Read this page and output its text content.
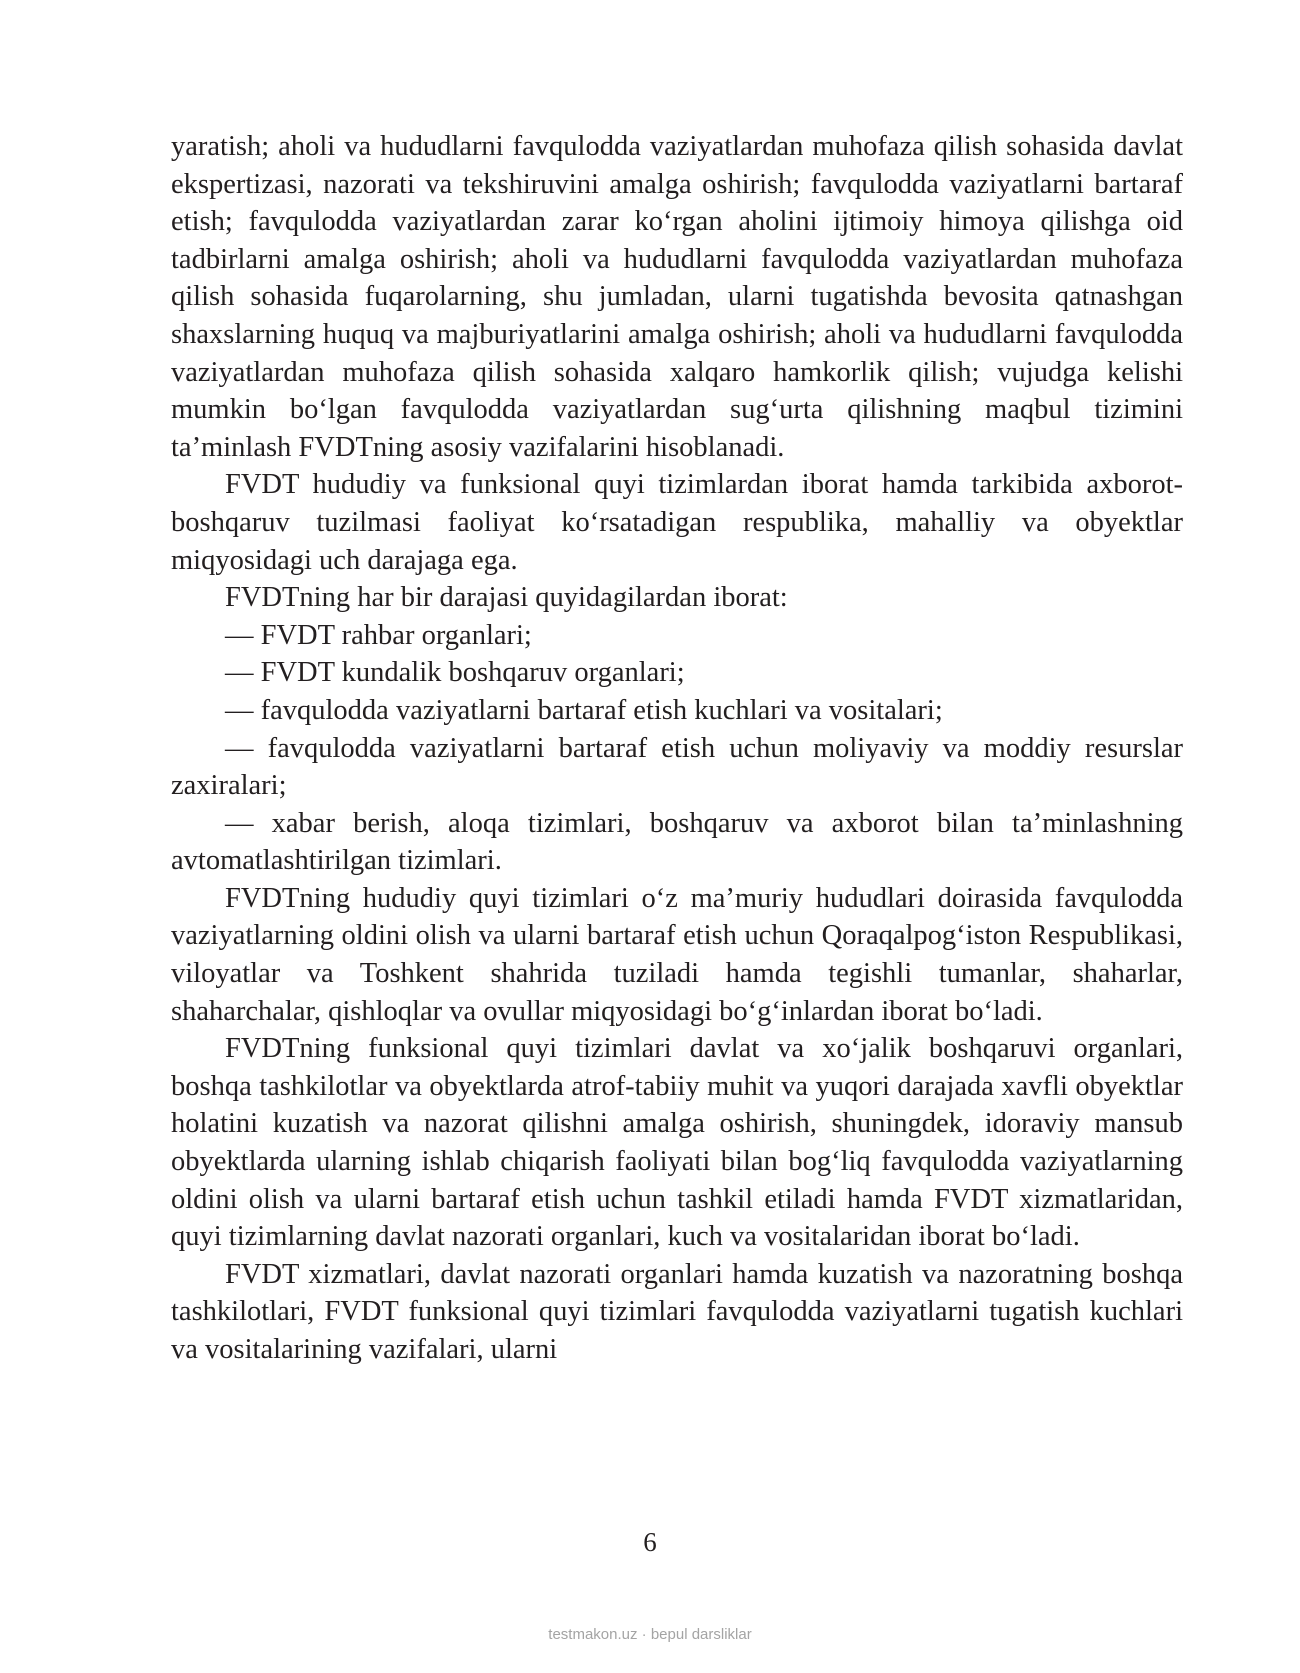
yaratish; aholi va hududlarni favqulodda vaziyatlardan muhofaza qilish sohasida davlat ekspertizasi, nazorati va tekshiruvini amalga oshirish; favqulodda vaziyatlarni bartaraf etish; favqulodda vaziyatlardan zarar ko‘rgan aholini ijtimoiy himoya qilishga oid tadbirlarni amalga oshirish; aholi va hududlarni favqulodda vaziyatlardan muhofaza qilish sohasida fuqarolarning, shu jumladan, ularni tugatishda bevosita qatnashgan shaxslarning huquq va majburiyatlarini amalga oshirish; aholi va hududlarni favqulodda vaziyatlardan muhofaza qilish sohasida xalqaro hamkorlik qilish; vujudga kelishi mumkin bo‘lgan favqulodda vaziyatlardan sug‘urta qilishning maqbul tizimini ta’minlash FVDTning asosiy vazifalarini hisoblanadi.

FVDT hududiy va funksional quyi tizimlardan iborat hamda tarkibida axborot-boshqaruv tuzilmasi faoliyat ko‘rsatadigan respublika, mahalliy va obyektlar miqyosidagi uch darajaga ega.

FVDTning har bir darajasi quyidagilardan iborat:

— FVDT rahbar organlari;

— FVDT kundalik boshqaruv organlari;

— favqulodda vaziyatlarni bartaraf etish kuchlari va vositalari;

— favqulodda vaziyatlarni bartaraf etish uchun moliyaviy va moddiy resurslar zaxiralari;

— xabar berish, aloqa tizimlari, boshqaruv va axborot bilan ta’minlashning avtomatlashtirilgan tizimlari.

FVDTning hududiy quyi tizimlari o‘z ma’muriy hududlari doirasida favqulodda vaziyatlarning oldini olish va ularni bartaraf etish uchun Qoraqalpog‘iston Respublikasi, viloyatlar va Toshkent shahrida tuziladi hamda tegishli tumanlar, shaharlar, shaharchalar, qishloqlar va ovullar miqyosidagi bo‘g‘inlardan iborat bo‘ladi.

FVDTning funksional quyi tizimlari davlat va xo‘jalik boshqaruvi organlari, boshqa tashkilotlar va obyektlarda atrof-tabiiy muhit va yuqori darajada xavfli obyektlar holatini kuzatish va nazorat qilishni amalga oshirish, shuningdek, idoraviy mansub obyektlarda ularning ishlab chiqarish faoliyati bilan bog‘liq favqulodda vaziyatlarning oldini olish va ularni bartaraf etish uchun tashkil etiladi hamda FVDT xizmatlaridan, quyi tizimlarning davlat nazorati organlari, kuch va vositalaridan iborat bo‘ladi.

FVDT xizmatlari, davlat nazorati organlari hamda kuzatish va nazoratning boshqa tashkilotlari, FVDT funksional quyi tizimlari favqulodda vaziyatlarni tugatish kuchlari va vositalarining vazifalari, ularni

6
testmakon.uz · bepul darsliklar
